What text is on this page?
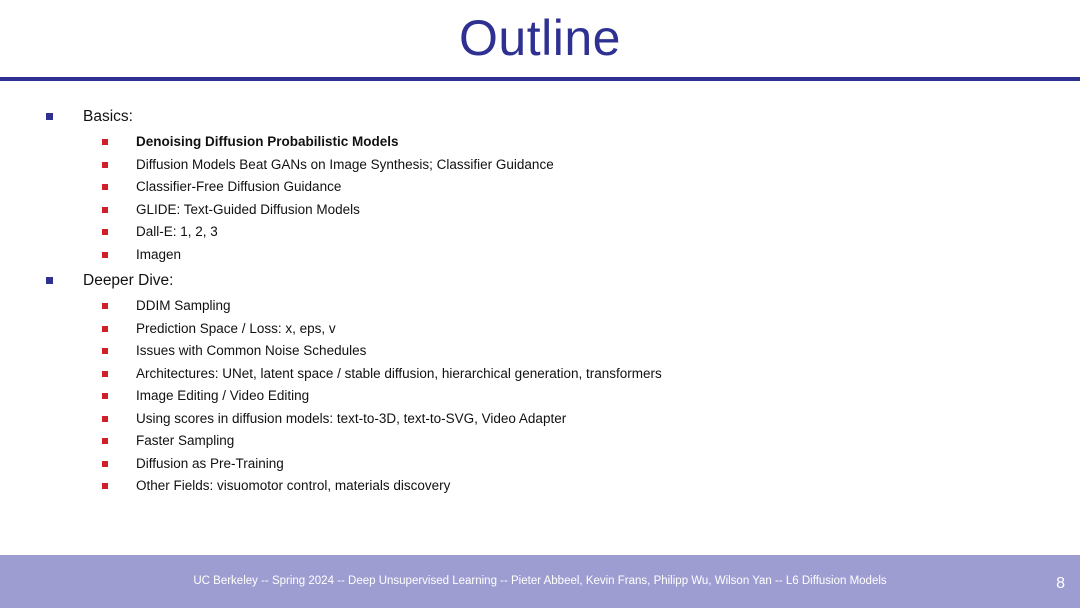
Outline
Basics:
Denoising Diffusion Probabilistic Models
Diffusion Models Beat GANs on Image Synthesis; Classifier Guidance
Classifier-Free Diffusion Guidance
GLIDE: Text-Guided Diffusion Models
Dall-E: 1, 2, 3
Imagen
Deeper Dive:
DDIM Sampling
Prediction Space / Loss: x, eps, v
Issues with Common Noise Schedules
Architectures: UNet, latent space / stable diffusion, hierarchical generation, transformers
Image Editing / Video Editing
Using scores in diffusion models: text-to-3D, text-to-SVG, Video Adapter
Faster Sampling
Diffusion as Pre-Training
Other Fields: visuomotor control, materials discovery
UC Berkeley -- Spring 2024 -- Deep Unsupervised Learning -- Pieter Abbeel, Kevin Frans, Philipp Wu, Wilson Yan -- L6 Diffusion Models	8
